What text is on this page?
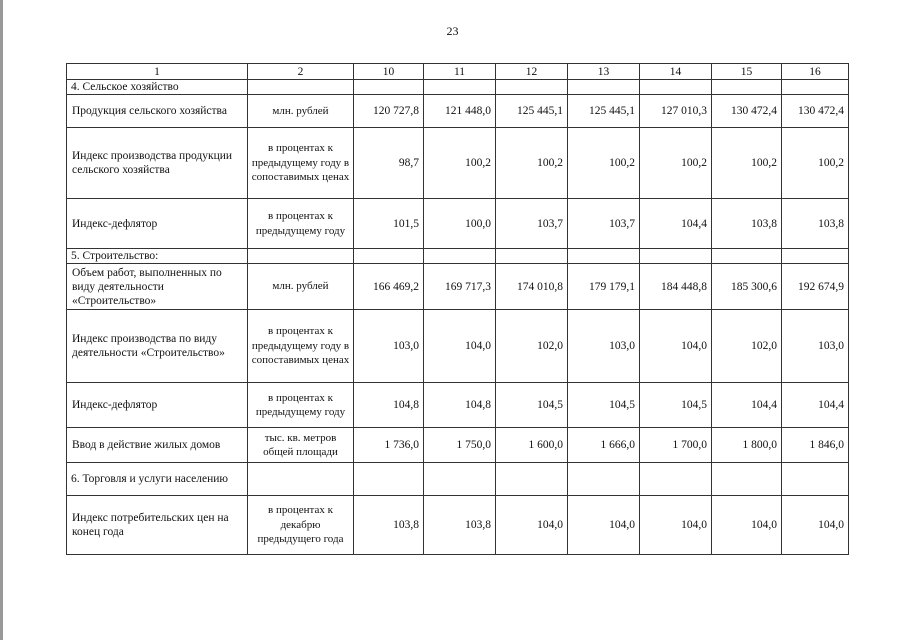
23
1	2	10	11	12	13	14	15	16
4. Сельское хозяйство								
Продукция сельского хозяйства	млн. рублей	120 727,8	121 448,0	125 445,1	125 445,1	127 010,3	130 472,4	130 472,4
Индекс производства продукции сельского хозяйства	в процентах к предыдущему году в сопоставимых ценах	98,7	100,2	100,2	100,2	100,2	100,2	100,2
Индекс-дефлятор	в процентах к предыдущему году	101,5	100,0	103,7	103,7	104,4	103,8	103,8
5. Строительство:								
Объем работ, выполненных по виду деятельности «Строительство»	млн. рублей	166 469,2	169 717,3	174 010,8	179 179,1	184 448,8	185 300,6	192 674,9
Индекс производства по виду деятельности «Строительство»	в процентах к предыдущему году в сопоставимых ценах	103,0	104,0	102,0	103,0	104,0	102,0	103,0
Индекс-дефлятор	в процентах к предыдущему году	104,8	104,8	104,5	104,5	104,5	104,4	104,4
Ввод в действие жилых домов	тыс. кв. метров общей площади	1 736,0	1 750,0	1 600,0	1 666,0	1 700,0	1 800,0	1 846,0
6. Торговля и услуги населению								
Индекс потребительских цен на конец года	в процентах к декабрю предыдущего года	103,8	103,8	104,0	104,0	104,0	104,0	104,0
